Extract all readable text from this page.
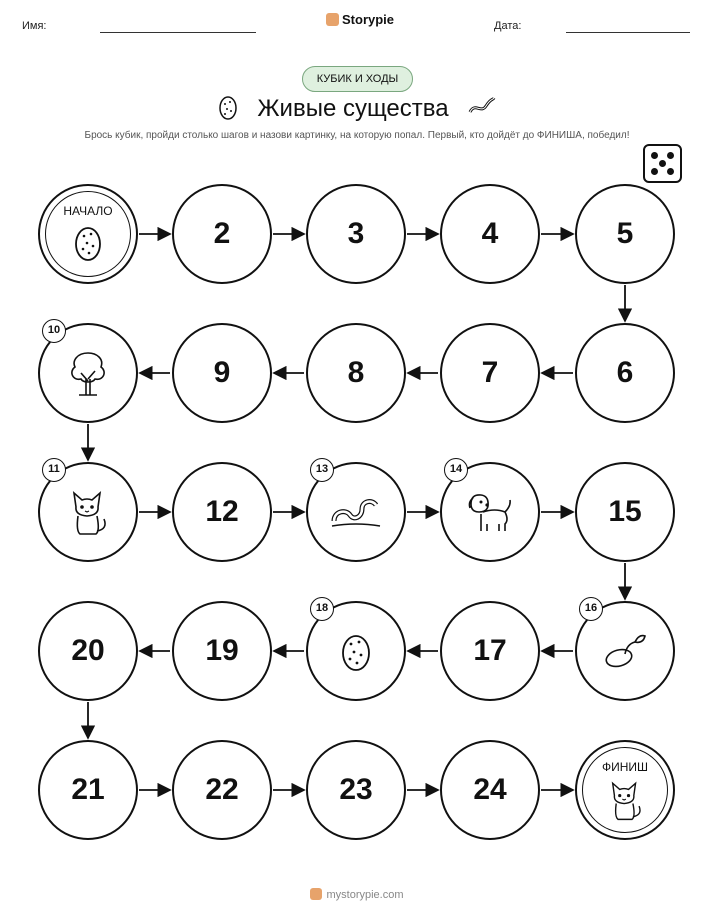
Имя:	Storypie	Дата:
КУБИК И ХОДЫ
Живые существа
Брось кубик, пройди столько шагов и назови картинку, на которую попал. Первый, кто дойдёт до ФИНИША, победил!
НАЧАЛО
2	3	4	5
6
7
8
9
10
11
12
13	14
15
16
17
18
19
20
21	22	23	24
ФИНИШ
mystorypie.com
